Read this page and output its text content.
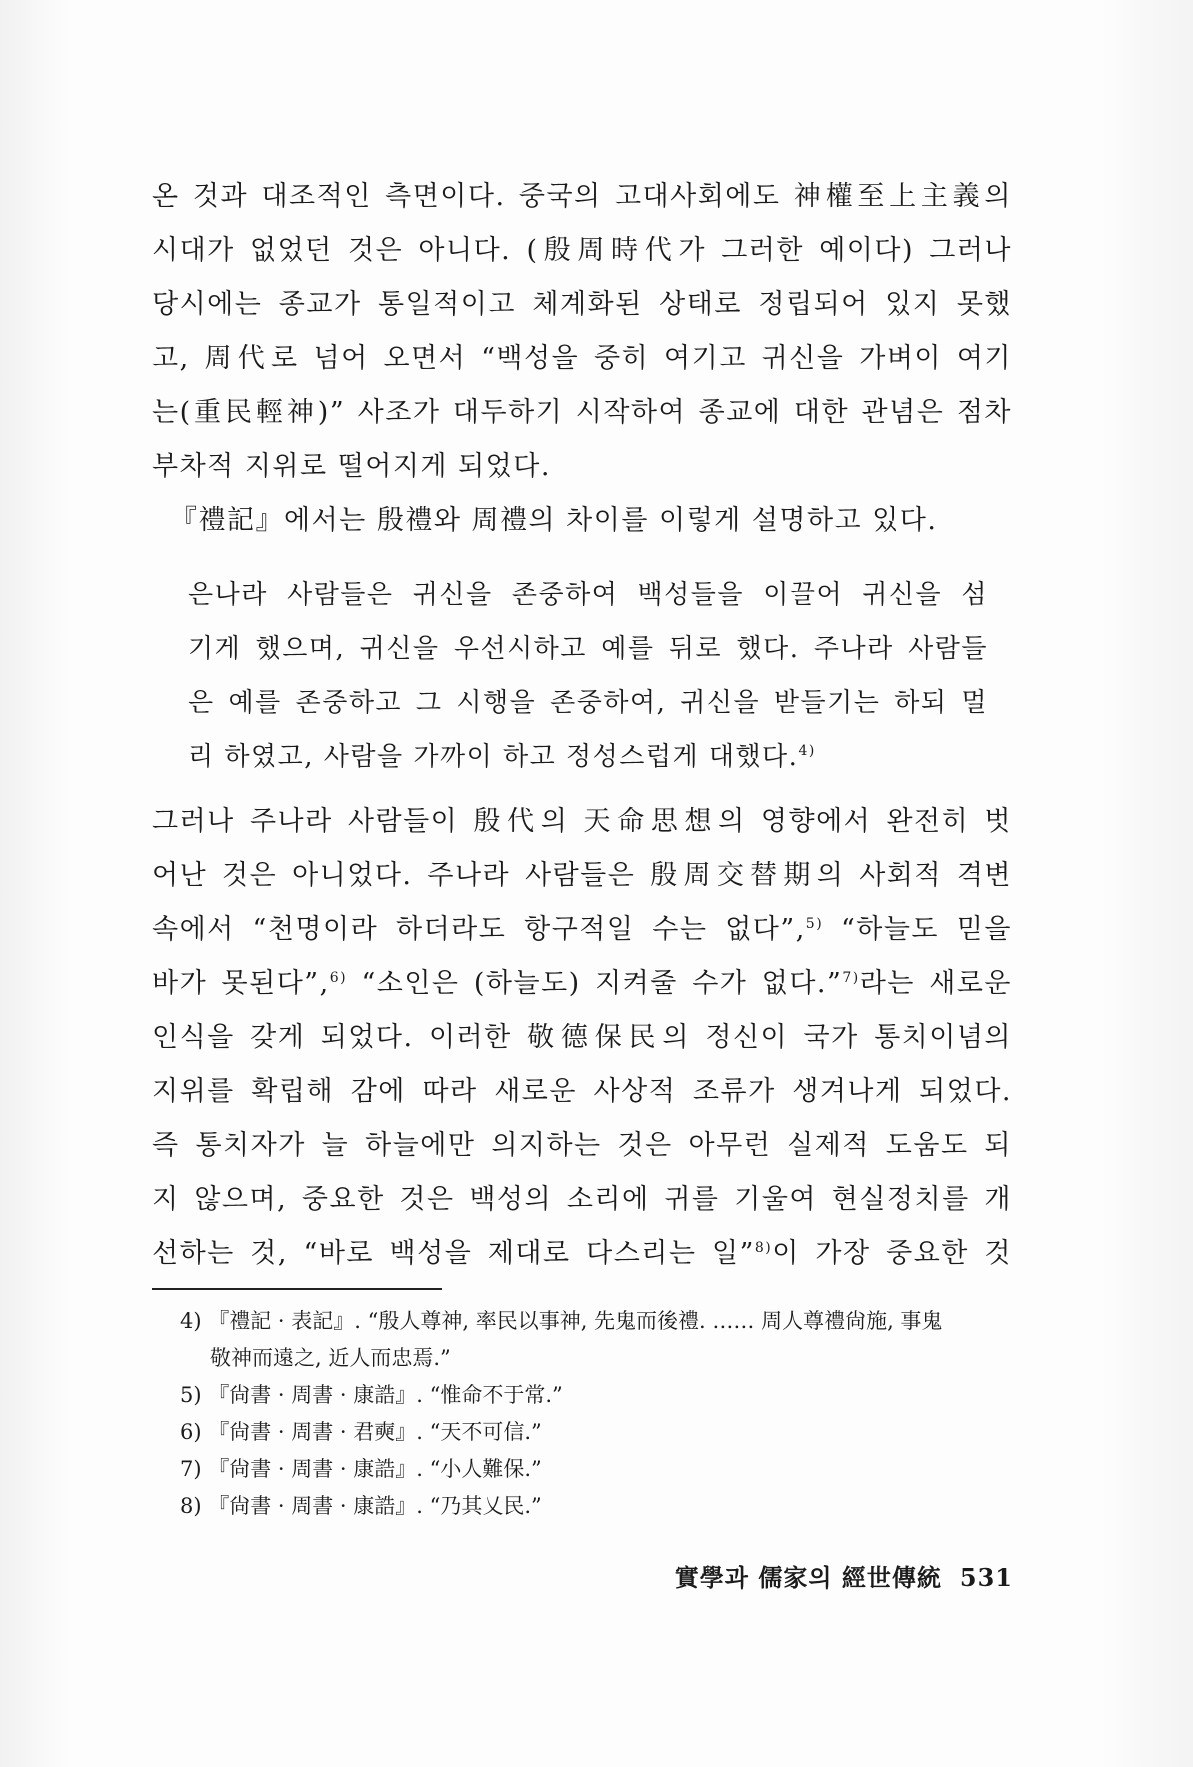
온 것과 대조적인 측면이다. 중국의 고대사회에도 神權至上主義의
시대가 없었던 것은 아니다. (殷周時代가 그러한 예이다) 그러나
당시에는 종교가 통일적이고 체계화된 상태로 정립되어 있지 못했
고, 周代로 넘어 오면서 “백성을 중히 여기고 귀신을 가벼이 여기
는(重民輕神)” 사조가 대두하기 시작하여 종교에 대한 관념은 점차
부차적 지위로 떨어지게 되었다.
『禮記』에서는 殷禮와 周禮의 차이를 이렇게 설명하고 있다.
은나라 사람들은 귀신을 존중하여 백성들을 이끌어 귀신을 섬
기게 했으며, 귀신을 우선시하고 예를 뒤로 했다. 주나라 사람들
은 예를 존중하고 그 시행을 존중하여, 귀신을 받들기는 하되 멀
리 하였고, 사람을 가까이 하고 정성스럽게 대했다.$^{4)}$
그러나 주나라 사람들이 殷代의 天命思想의 영향에서 완전히 벗
어난 것은 아니었다. 주나라 사람들은 殷周交替期의 사회적 격변
속에서 “천명이라 하더라도 항구적일 수는 없다”,$^{5)}$ “하늘도 믿을
바가 못된다”,$^{6)}$ “소인은 (하늘도) 지켜줄 수가 없다.”$^{7)}$라는 새로운
인식을 갖게 되었다. 이러한 敬德保民의 정신이 국가 통치이념의
지위를 확립해 감에 따라 새로운 사상적 조류가 생겨나게 되었다.
즉 통치자가 늘 하늘에만 의지하는 것은 아무런 실제적 도움도 되
지 않으며, 중요한 것은 백성의 소리에 귀를 기울여 현실정치를 개
선하는 것, “바로 백성을 제대로 다스리는 일”$^{8)}$이 가장 중요한 것
4) 『禮記 · 表記』. “殷人尊神, 率民以事神, 先鬼而後禮. …… 周人尊禮尙施, 事鬼
敬神而遠之, 近人而忠焉.”
5) 『尙書 · 周書 · 康誥』. “惟命不于常.”
6) 『尙書 · 周書 · 君奭』. “天不可信.”
7) 『尙書 · 周書 · 康誥』. “小人難保.”
8) 『尙書 · 周書 · 康誥』. “乃其乂民.”
實學과 儒家의 經世傳統 531
